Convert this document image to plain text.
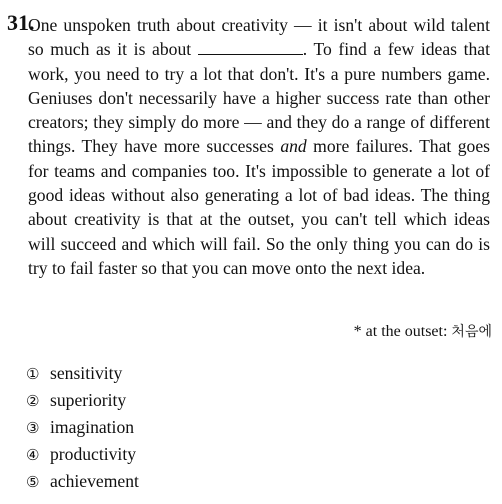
31.

One unspoken truth about creativity — it isn't about wild talent so much as it is about	. To find a few ideas that work, you need to try a lot that don't. It's a pure numbers game. Geniuses don't necessarily have a higher success rate than other creators; they simply do more — and they do a range of different things. They have more successes and more failures. That goes for teams and companies too. It's impossible to generate a lot of good ideas without also generating a lot of bad ideas. The thing about creativity is that at the outset, you can't tell which ideas will succeed and which will fail. So the only thing you can do is try to fail faster so that you can move onto the next idea.

* at the outset: 처음에
① sensitivity
② superiority
③ imagination
④ productivity
⑤ achievement
